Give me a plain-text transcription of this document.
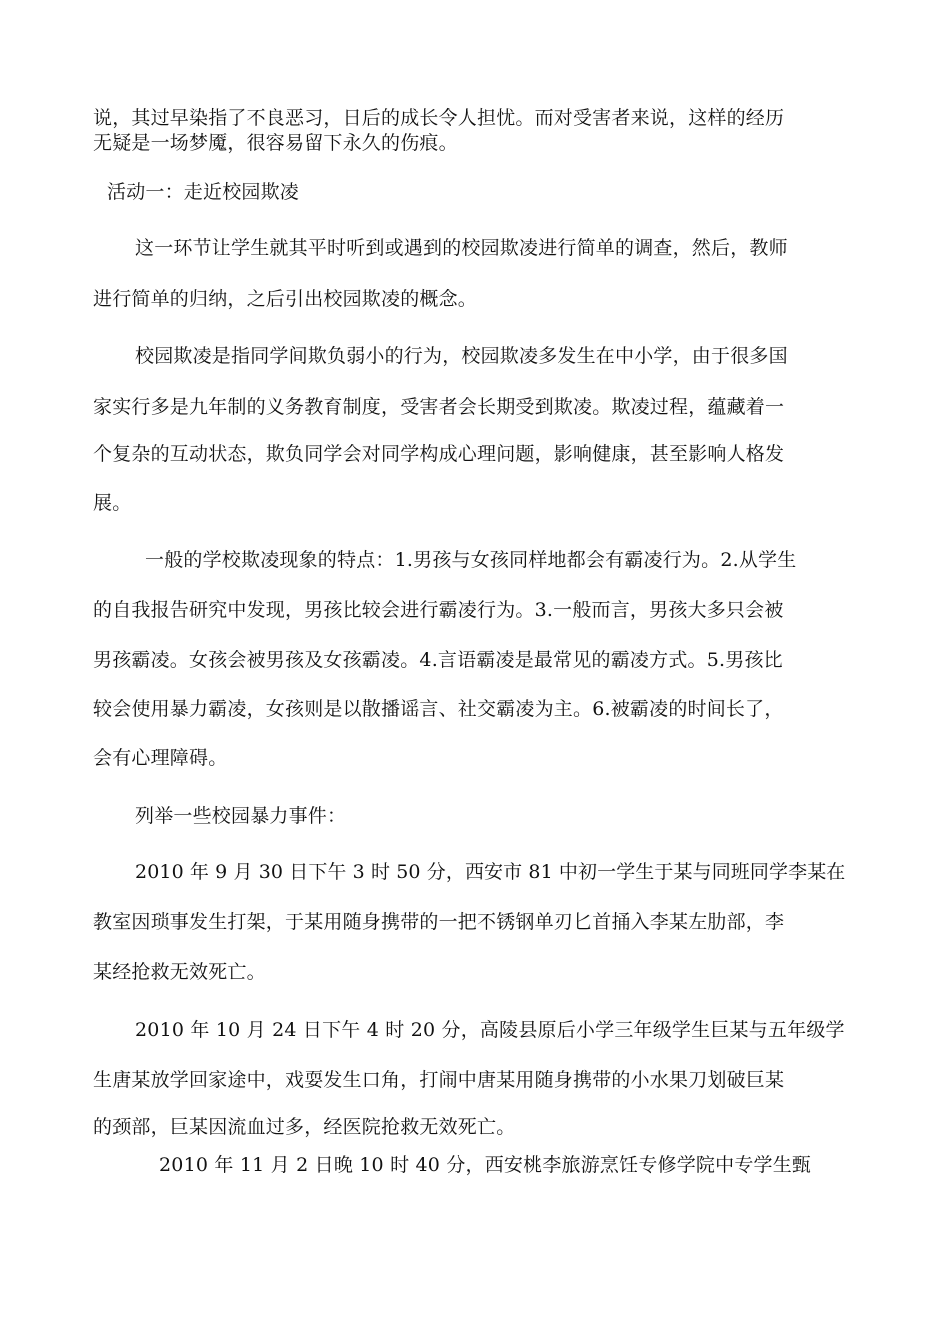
说，其过早染指了不良恶习，日后的成长令人担忧。而对受害者来说，这样的经历
无疑是一场梦魇，很容易留下永久的伤痕。
活动一：走近校园欺凌
这一环节让学生就其平时听到或遇到的校园欺凌进行简单的调查，然后，教师
进行简单的归纳，之后引出校园欺凌的概念。
校园欺凌是指同学间欺负弱小的行为，校园欺凌多发生在中小学，由于很多国
家实行多是九年制的义务教育制度，受害者会长期受到欺凌。欺凌过程，蕴藏着一
个复杂的互动状态，欺负同学会对同学构成心理问题，影响健康，甚至影响人格发
展。
一般的学校欺凌现象的特点：1.男孩与女孩同样地都会有霸凌行为。2.从学生
的自我报告研究中发现，男孩比较会进行霸凌行为。3.一般而言，男孩大多只会被
男孩霸凌。女孩会被男孩及女孩霸凌。4.言语霸凌是最常见的霸凌方式。5.男孩比
较会使用暴力霸凌，女孩则是以散播谣言、社交霸凌为主。6.被霸凌的时间长了，
会有心理障碍。
列举一些校园暴力事件：
2010 年 9 月 30 日下午 3 时 50 分，西安市 81 中初一学生于某与同班同学李某在
教室因琐事发生打架，于某用随身携带的一把不锈钢单刃匕首捅入李某左肋部，李
某经抢救无效死亡。
2010 年 10 月 24 日下午 4 时 20 分，高陵县原后小学三年级学生巨某与五年级学
生唐某放学回家途中，戏耍发生口角，打闹中唐某用随身携带的小水果刀划破巨某
的颈部，巨某因流血过多，经医院抢救无效死亡。
2010 年 11 月 2 日晚 10 时 40 分，西安桃李旅游烹饪专修学院中专学生甄
